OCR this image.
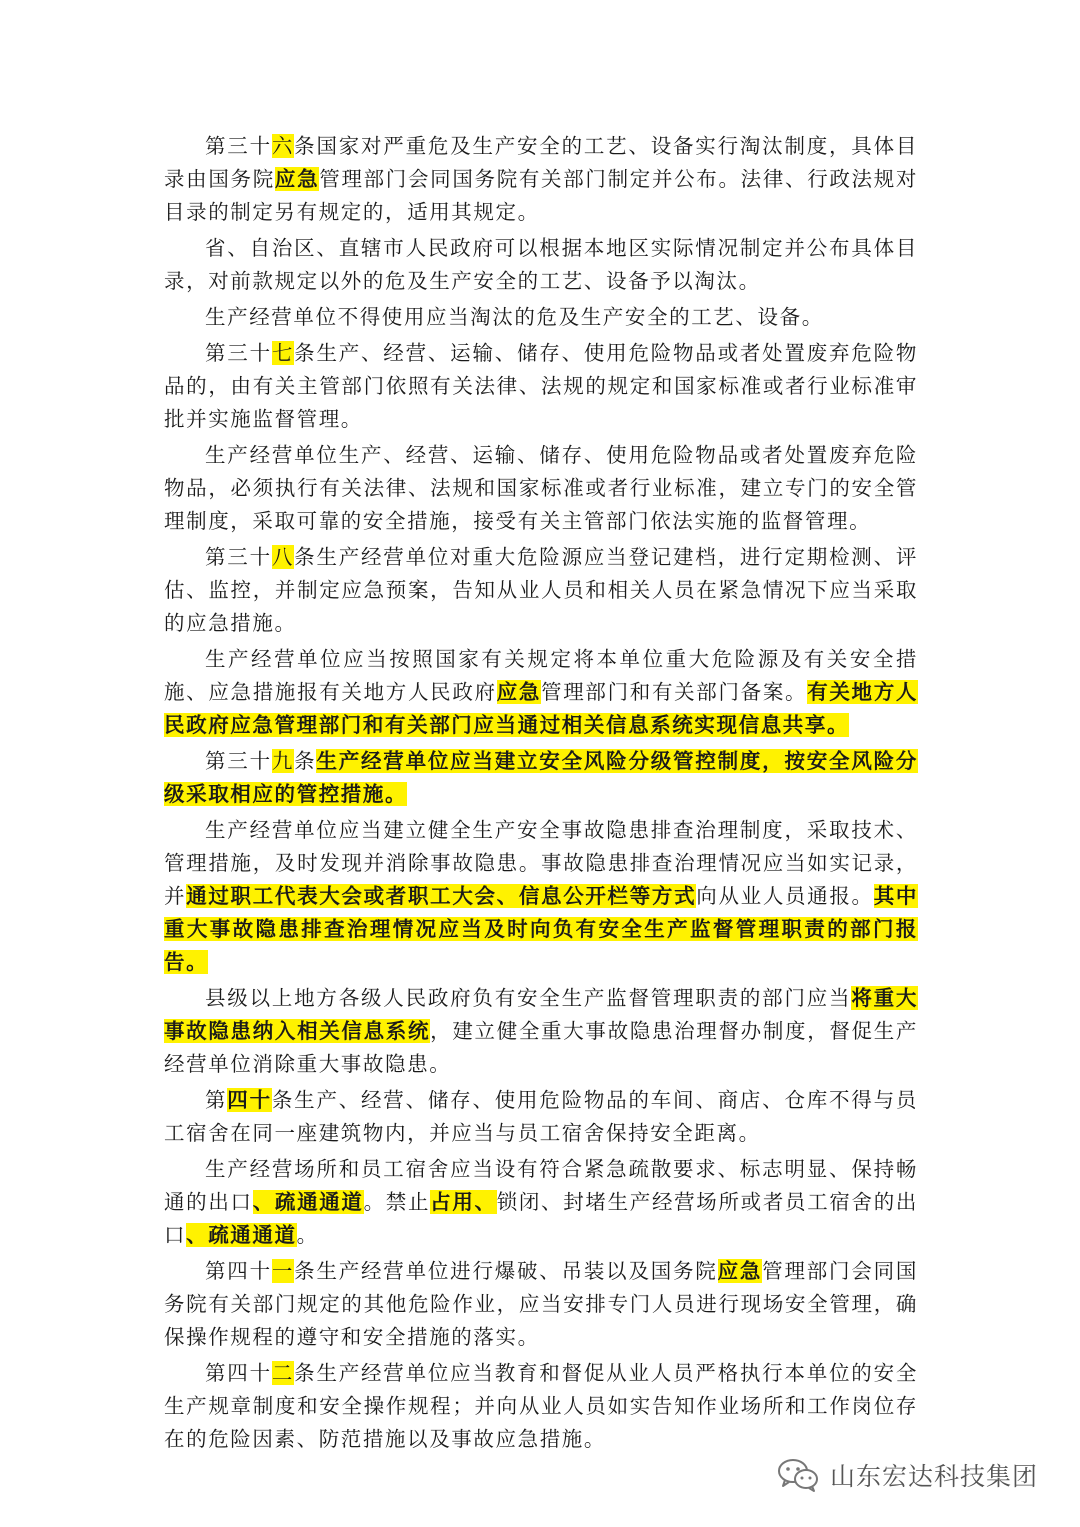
第三十六条国家对严重危及生产安全的工艺、设备实行淘汰制度，具体目录由国务院应急管理部门会同国务院有关部门制定并公布。法律、行政法规对目录的制定另有规定的，适用其规定。

省、自治区、直辖市人民政府可以根据本地区实际情况制定并公布具体目录，对前款规定以外的危及生产安全的工艺、设备予以淘汰。

生产经营单位不得使用应当淘汰的危及生产安全的工艺、设备。

第三十七条生产、经营、运输、储存、使用危险物品或者处置废弃危险物品的，由有关主管部门依照有关法律、法规的规定和国家标准或者行业标准审批并实施监督管理。

生产经营单位生产、经营、运输、储存、使用危险物品或者处置废弃危险物品，必须执行有关法律、法规和国家标准或者行业标准，建立专门的安全管理制度，采取可靠的安全措施，接受有关主管部门依法实施的监督管理。

第三十八条生产经营单位对重大危险源应当登记建档，进行定期检测、评估、监控，并制定应急预案，告知从业人员和相关人员在紧急情况下应当采取的应急措施。

生产经营单位应当按照国家有关规定将本单位重大危险源及有关安全措施、应急措施报有关地方人民政府应急管理部门和有关部门备案。有关地方人民政府应急管理部门和有关部门应当通过相关信息系统实现信息共享。

第三十九条生产经营单位应当建立安全风险分级管控制度，按安全风险分级采取相应的管控措施。

生产经营单位应当建立健全生产安全事故隐患排查治理制度，采取技术、管理措施，及时发现并消除事故隐患。事故隐患排查治理情况应当如实记录，并通过职工代表大会或者职工大会、信息公开栏等方式向从业人员通报。其中重大事故隐患排查治理情况应当及时向负有安全生产监督管理职责的部门报告。

县级以上地方各级人民政府负有安全生产监督管理职责的部门应当将重大事故隐患纳入相关信息系统，建立健全重大事故隐患治理督办制度，督促生产经营单位消除重大事故隐患。

第四十条生产、经营、储存、使用危险物品的车间、商店、仓库不得与员工宿舍在同一座建筑物内，并应当与员工宿舍保持安全距离。

生产经营场所和员工宿舍应当设有符合紧急疏散要求、标志明显、保持畅通的出口、疏通通道。禁止占用、锁闭、封堵生产经营场所或者员工宿舍的出口、疏通通道。

第四十一条生产经营单位进行爆破、吊装以及国务院应急管理部门会同国务院有关部门规定的其他危险作业，应当安排专门人员进行现场安全管理，确保操作规程的遵守和安全措施的落实。

第四十二条生产经营单位应当教育和督促从业人员严格执行本单位的安全生产规章制度和安全操作规程；并向从业人员如实告知作业场所和工作岗位存在的危险因素、防范措施以及事故应急措施。

山东宏达科技集团
